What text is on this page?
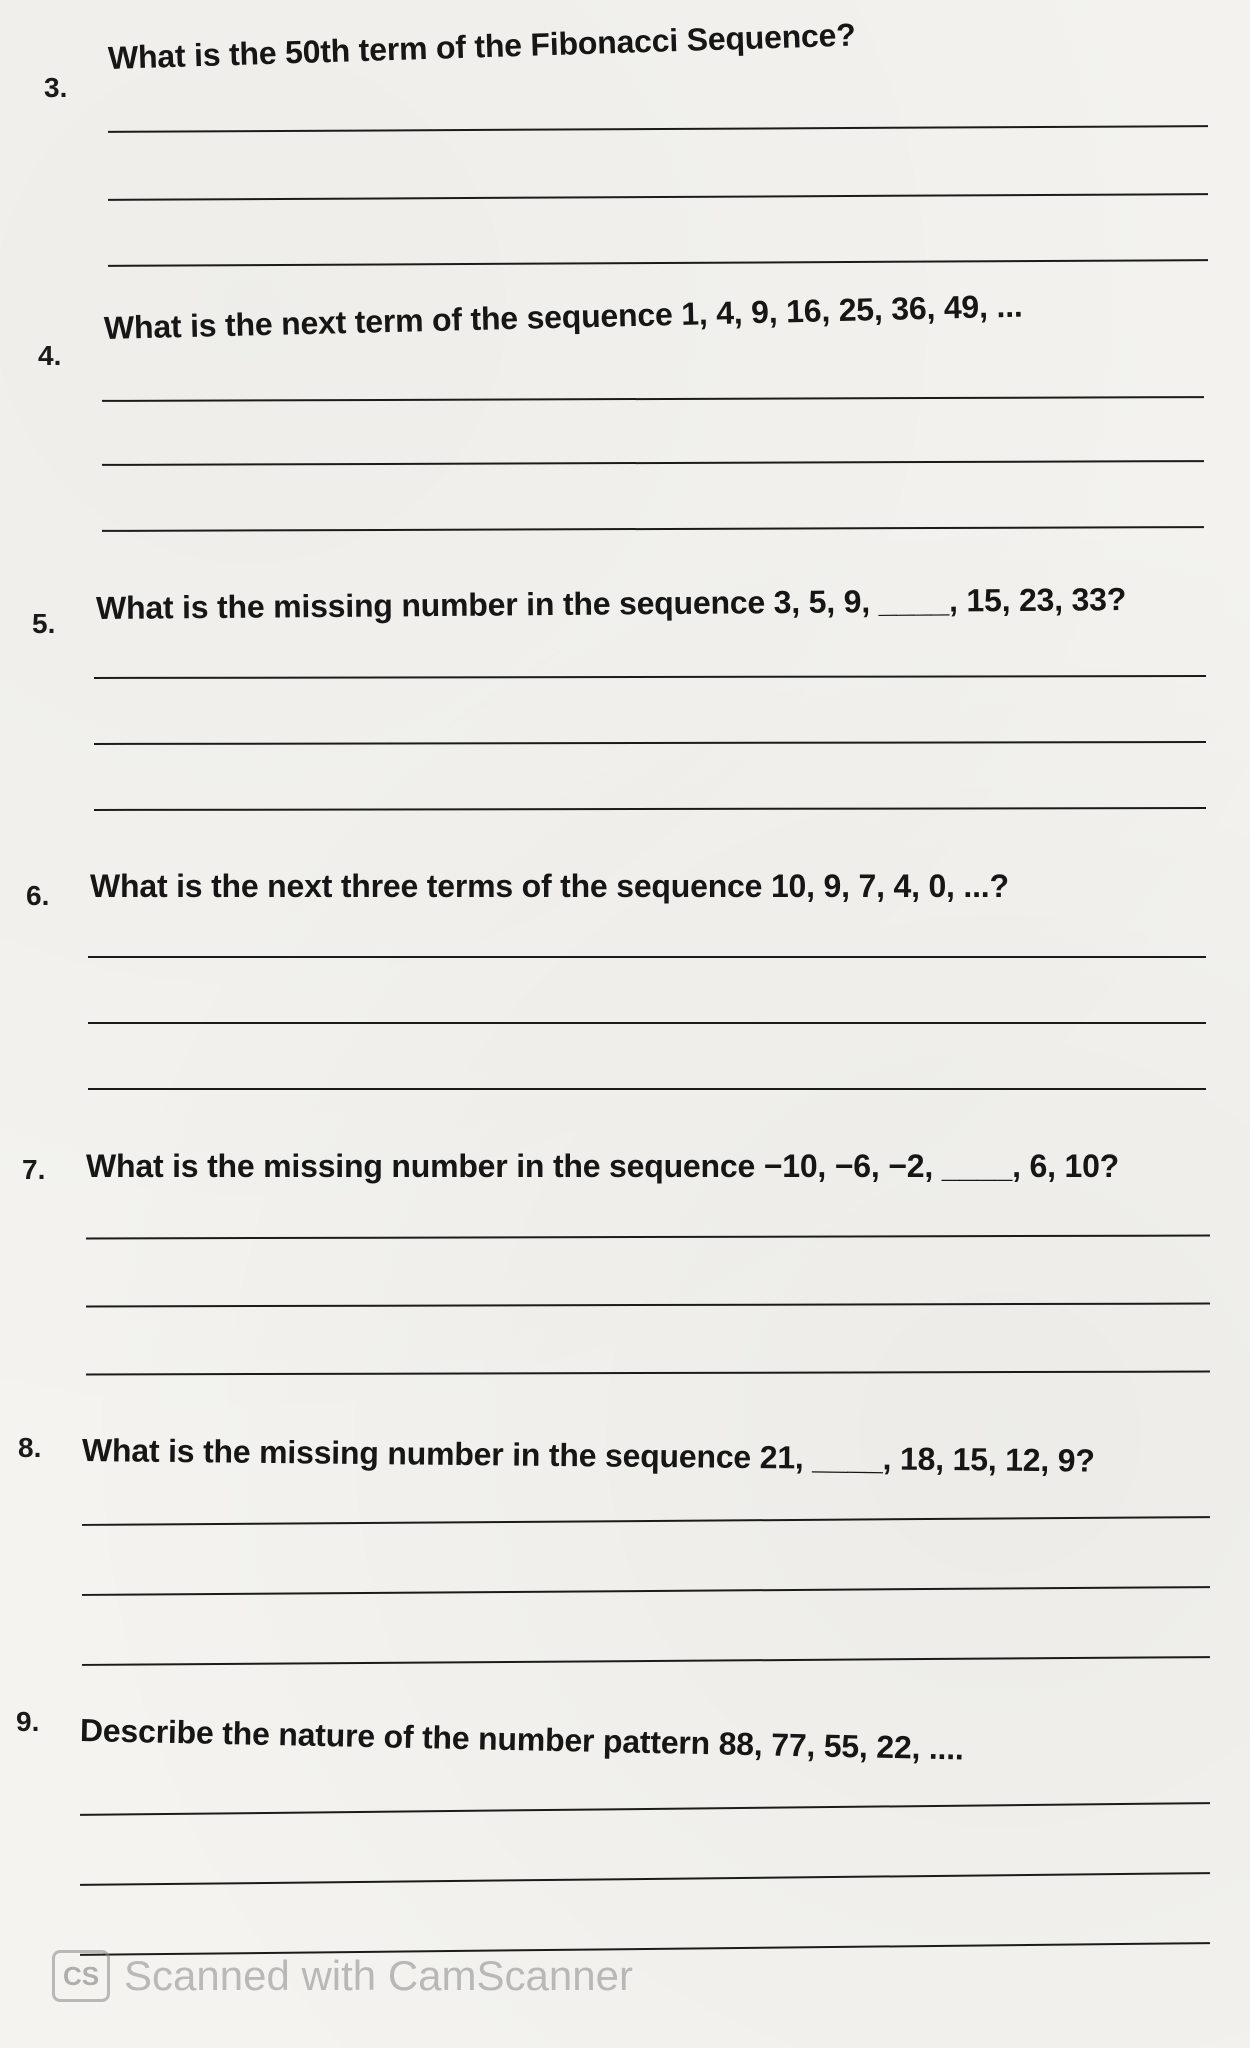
3.
What is the 50th term of the Fibonacci Sequence?
4.
What is the next term of the sequence 1, 4, 9, 16, 25, 36, 49, ...
5. What is the missing number in the sequence 3, 5, 9, ____, 15, 23, 33?
6. What is the next three terms of the sequence 10, 9, 7, 4, 0, ...?
7. What is the missing number in the sequence −10, −6, −2, ____, 6, 10?
8. What is the missing number in the sequence 21, ____, 18, 15, 12, 9?
9. Describe the nature of the number pattern 88, 77, 55, 22, ....
CS Scanned with CamScanner
